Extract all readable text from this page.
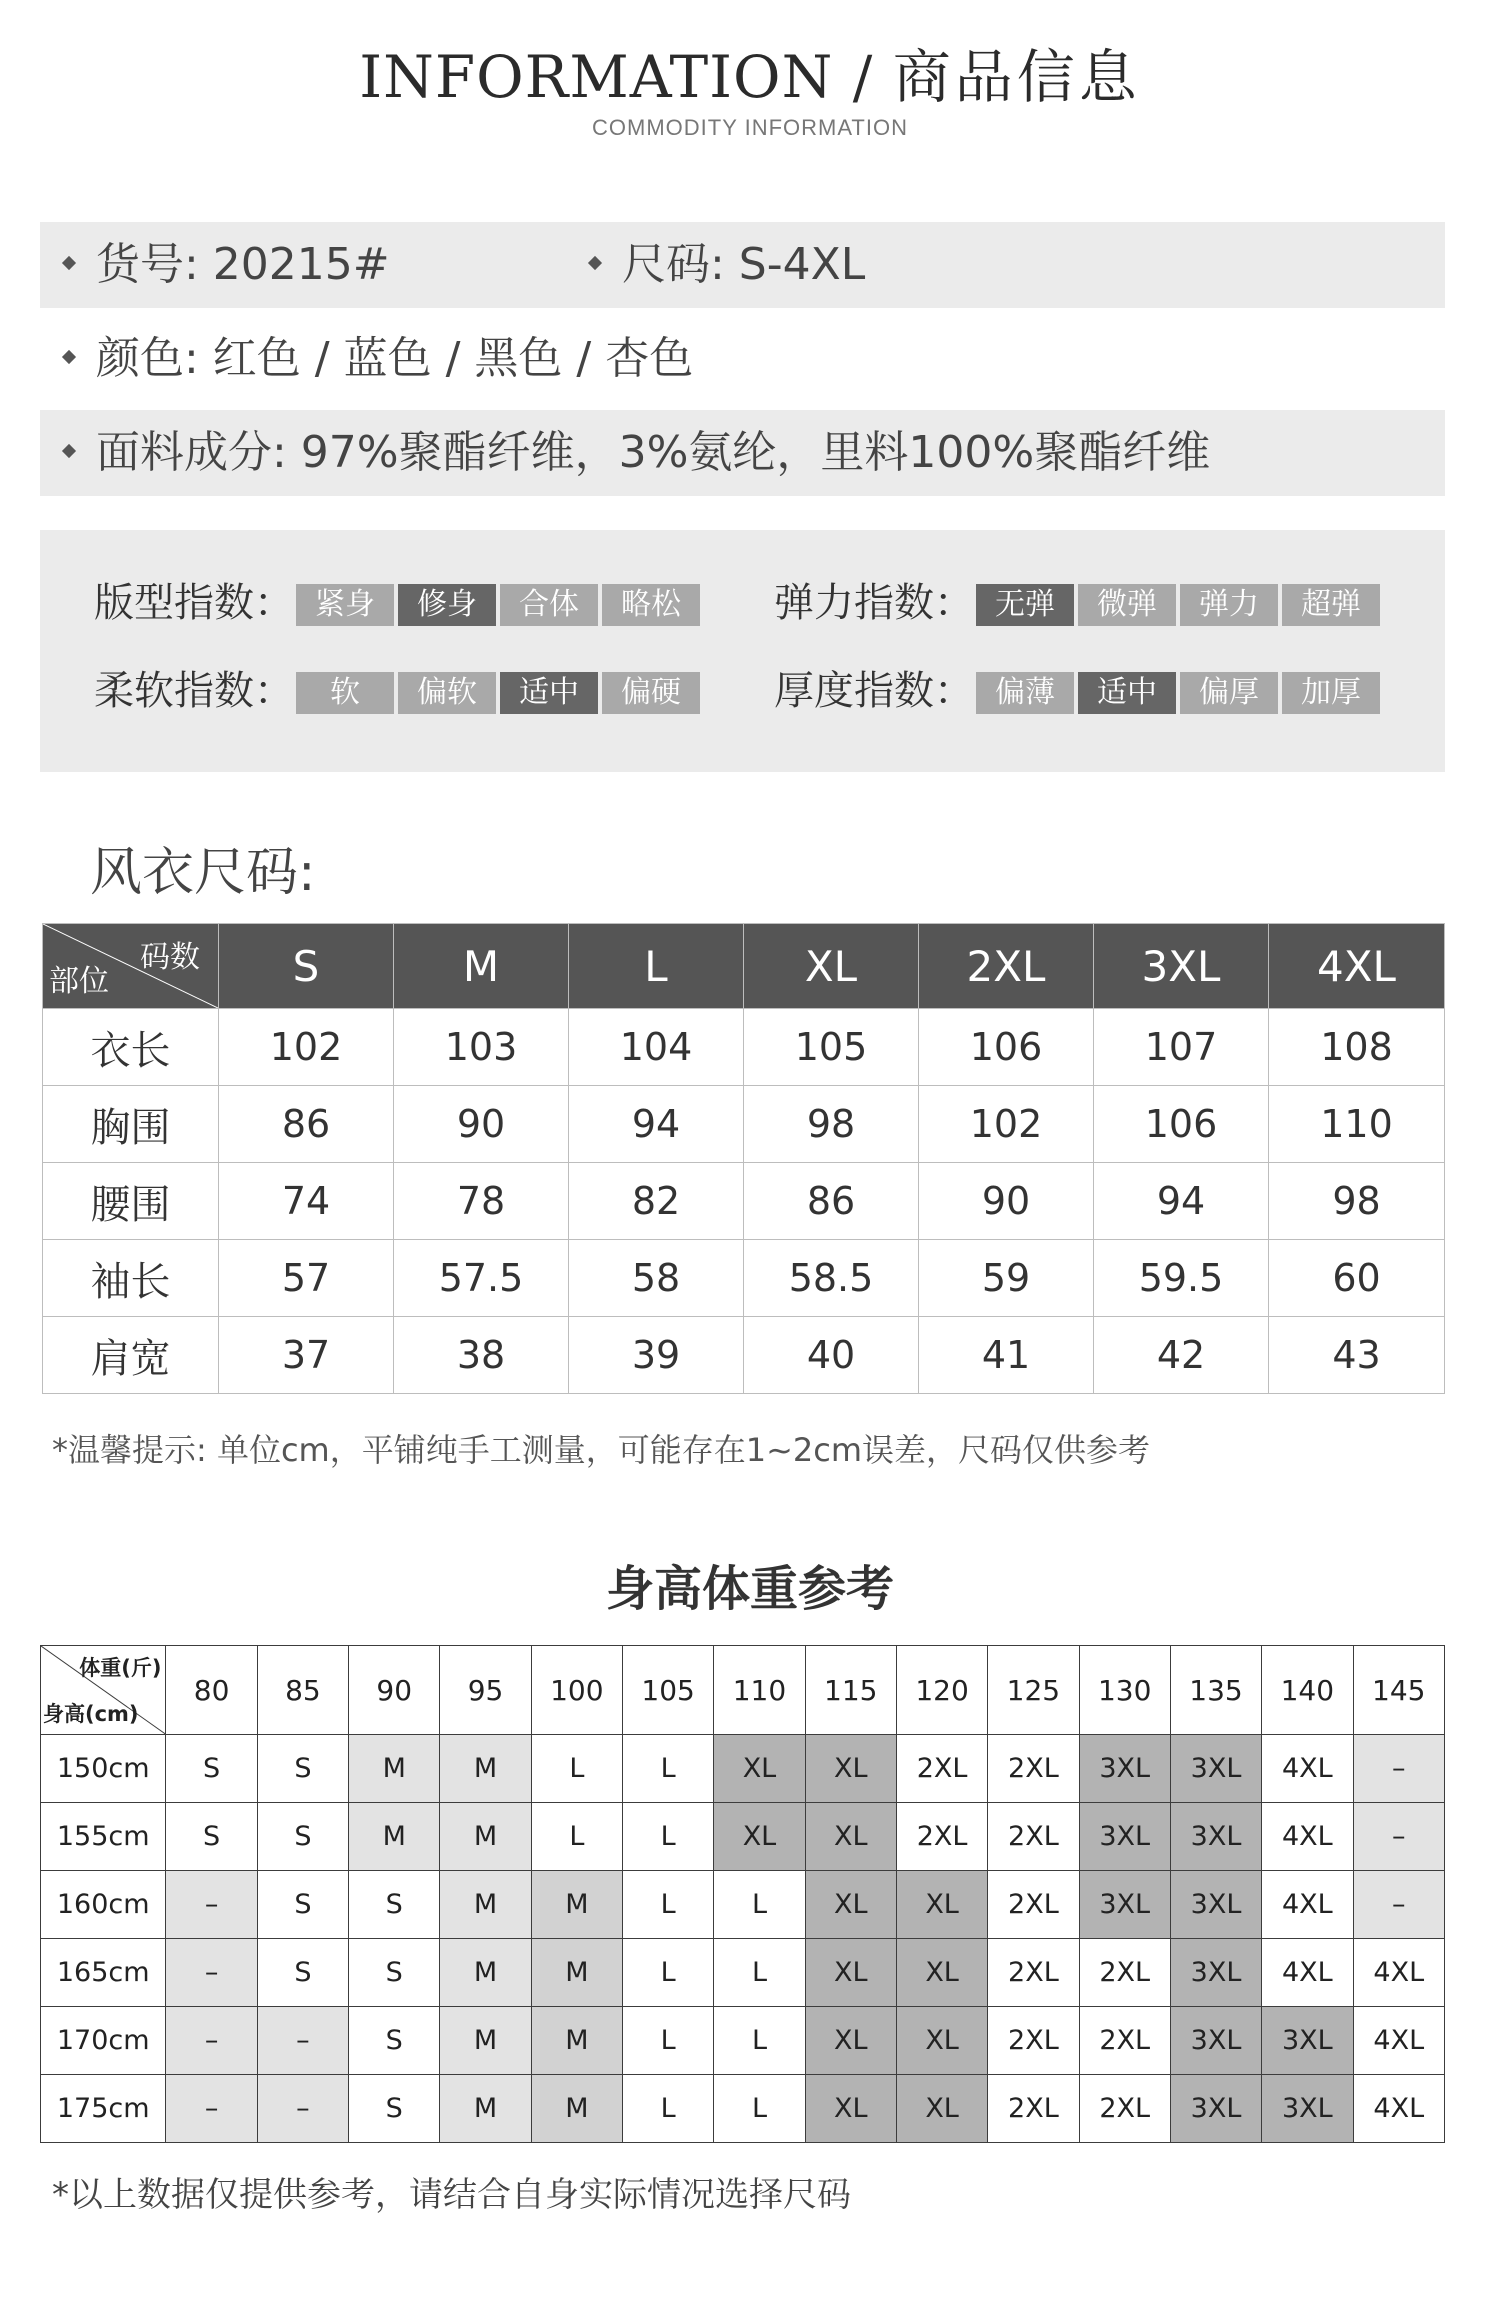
INFORMATION / 商品信息
COMMODITY INFORMATION
货号: 20215#	尺码: S-4XL
颜色: 红色 / 蓝色 / 黑色 / 杏色
面料成分: 97%聚酯纤维，3%氨纶，里料100%聚酯纤维
版型指数： 紧身	修身	合体	略松	弹力指数： 无弹	微弹	弹力	超弹
柔软指数：	软	偏软	适中	偏硬	厚度指数： 偏薄	适中	偏厚	加厚
风衣尺码:
码数
部位	S	M	L	XL	2XL	3XL	4XL
衣长	102	103	104	105	106	107	108
胸围	86	90	94	98	102	106	110
腰围	74	78	82	86	90	94	98
袖长	57	57.5	58	58.5	59	59.5	60
肩宽	37	38	39	40	41	42	43
*温馨提示: 单位cm，平铺纯手工测量，可能存在1~2cm误差，尺码仅供参考
身高体重参考
体重(斤)
身高(cm)	80	85	90	95	100	105	110	115	120	125	130	135	140	145
150cm	S	S	M	M	L	L	XL	XL	2XL	2XL	3XL	3XL	4XL	–
155cm	S	S	M	M	L	L	XL	XL	2XL	2XL	3XL	3XL	4XL	–
160cm	–	S	S	M	M	L	L	XL	XL	2XL	3XL	3XL	4XL	–
165cm	–	S	S	M	M	L	L	XL	XL	2XL	2XL	3XL	4XL	4XL
170cm	–	–	S	M	M	L	L	XL	XL	2XL	2XL	3XL	3XL	4XL
175cm	–	–	S	M	M	L	L	XL	XL	2XL	2XL	3XL	3XL	4XL
*以上数据仅提供参考，请结合自身实际情况选择尺码
